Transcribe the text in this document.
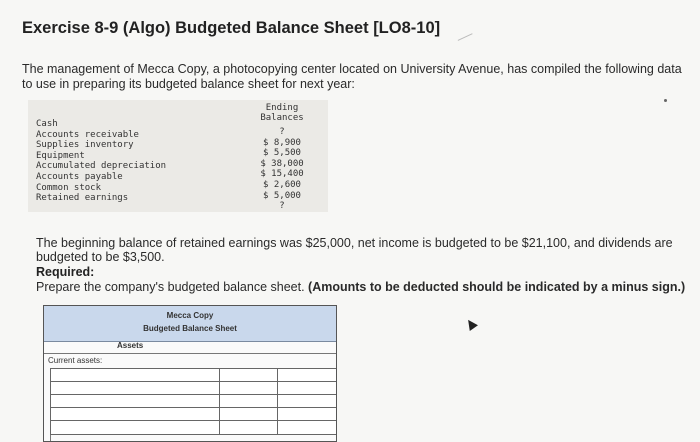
Exercise 8-9 (Algo) Budgeted Balance Sheet [LO8-10]
The management of Mecca Copy, a photocopying center located on University Avenue, has compiled the following data to use in preparing its budgeted balance sheet for next year:
Ending
Balances
Cash
Accounts receivable
Supplies inventory
Equipment
Accumulated depreciation
Accounts payable
Common stock
Retained earnings
?
$ 8,900
$ 5,500
$ 38,000
$ 15,400
$ 2,600
$ 5,000
?
The beginning balance of retained earnings was $25,000, net income is budgeted to be $21,100, and dividends are budgeted to be $3,500.
Required:
Prepare the company's budgeted balance sheet. (Amounts to be deducted should be indicated by a minus sign.)
Mecca Copy
Budgeted Balance Sheet
Assets
Current assets:
